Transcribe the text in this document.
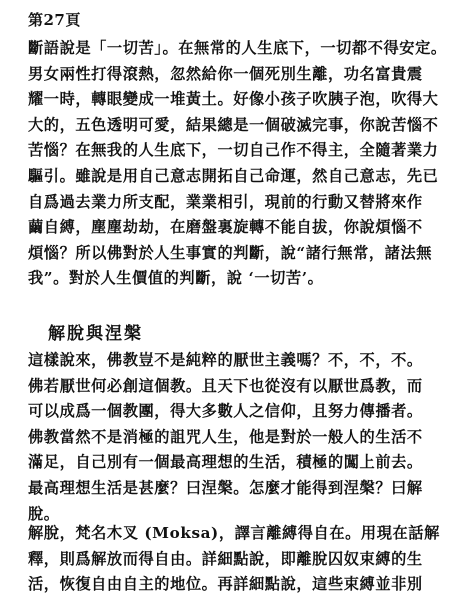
第27頁
斷語說是「一切苦」。在無常的人生底下，一切都不得安定。
男女兩性打得滾熱，忽然給你一個死別生離，功名富貴震
耀一時，轉眼變成一堆黃土。好像小孩子吹胰子泡，吹得大
大的，五色透明可愛，結果總是一個破滅完事，你說苦惱不
苦惱？在無我的人生底下，一切自己作不得主，全隨著業力
驅引。雖說是用自己意志開拓自己命運，然自己意志，先已
自爲過去業力所支配，業業相引，現前的行動又替將來作
繭自縛，塵塵劫劫，在磨盤裏旋轉不能自拔，你說煩惱不
煩惱？所以佛對於人生事實的判斷，說“諸行無常，諸法無
我”。對於人生價值的判斷，說 ‘一切苦’。
解脫與涅槃
這樣說來，佛教豈不是純粹的厭世主義嗎？不，不，不。
佛若厭世何必創這個教。且天下也從沒有以厭世爲教，而
可以成爲一個教團，得大多數人之信仰，且努力傳播者。
佛教當然不是消極的詛咒人生，他是對於一般人的生活不
滿足，自己別有一個最高理想的生活，積極的闖上前去。
最高理想生活是甚麼？曰涅槃。怎麼才能得到涅槃？曰解
脫。
解脫，梵名木叉 (Moksa)，譯言離縛得自在。用現在話解
釋，則爲解放而得自由。詳細點說，即離脫囚奴束縛的生
活，恢復自由自主的地位。再詳細點說，這些束縛並非別
